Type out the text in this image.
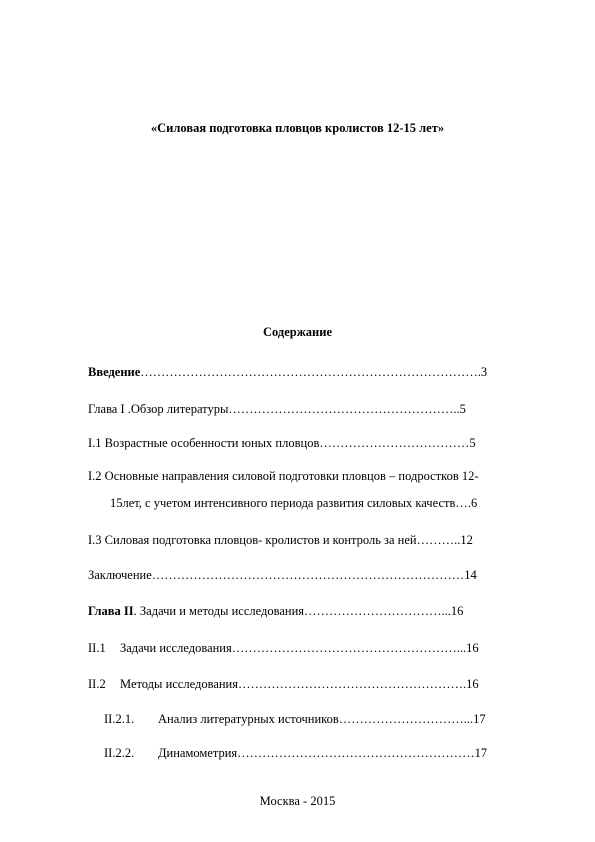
«Силовая подготовка пловцов кролистов 12-15 лет»
Содержание
Введение……………………………………………………………………….3
Глава I .Обзор литературы………………………………………………..5
I.1 Возрастные особенности юных пловцов………………………………5
I.2 Основные направления силовой подготовки пловцов – подростков 12-
15лет, с учетом интенсивного периода развития силовых качеств….6
I.3 Силовая подготовка пловцов- кролистов и контроль за ней………..12
Заключение…………………………………………………………………14
Глава II. Задачи и методы исследования……………………………...16
II.1 Задачи исследования………………………………………………...16
II.2 Методы исследования……………………………………………….16
II.2.1. Анализ литературных источников…………………………...17
II.2.2. Динамометрия…………………………………………………17
Москва - 2015
